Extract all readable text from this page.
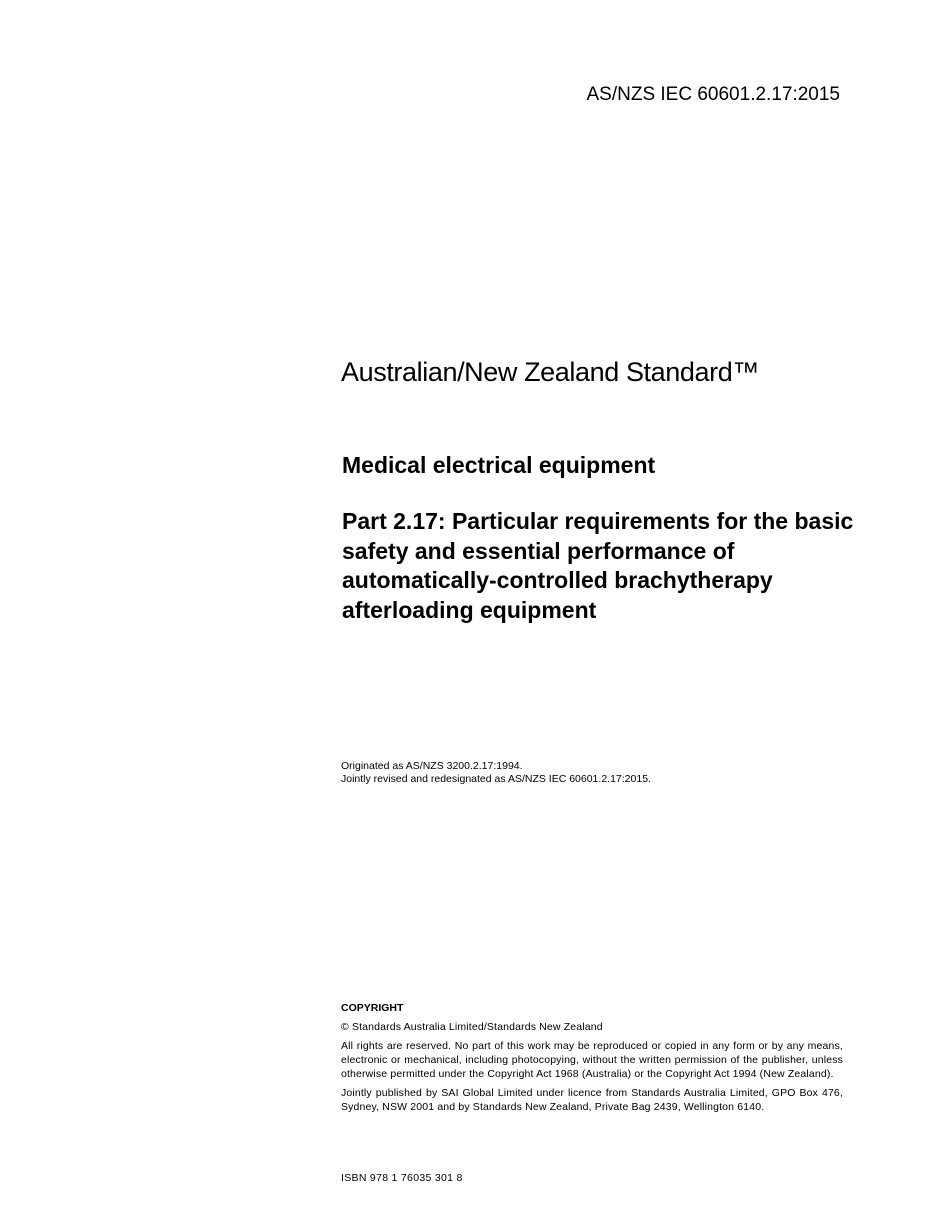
AS/NZS IEC 60601.2.17:2015
Australian/New Zealand Standard™
Medical electrical equipment
Part 2.17: Particular requirements for the basic safety and essential performance of automatically-controlled brachytherapy afterloading equipment
Originated as AS/NZS 3200.2.17:1994.
Jointly revised and redesignated as AS/NZS IEC 60601.2.17:2015.
COPYRIGHT

© Standards Australia Limited/Standards New Zealand

All rights are reserved. No part of this work may be reproduced or copied in any form or by any means, electronic or mechanical, including photocopying, without the written permission of the publisher, unless otherwise permitted under the Copyright Act 1968 (Australia) or the Copyright Act 1994 (New Zealand).

Jointly published by SAI Global Limited under licence from Standards Australia Limited, GPO Box 476, Sydney, NSW 2001 and by Standards New Zealand, Private Bag 2439, Wellington 6140.

ISBN 978 1 76035 301 8
